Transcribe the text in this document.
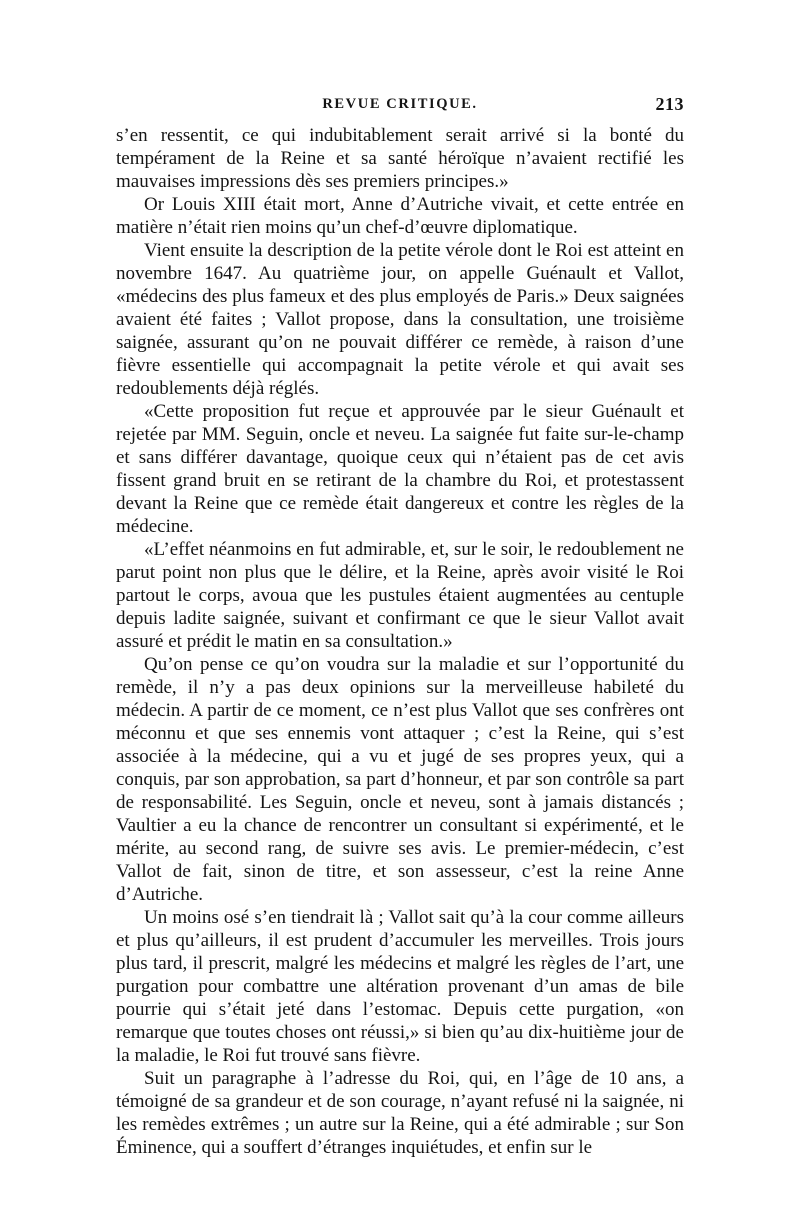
REVUE CRITIQUE.	213

s’en ressentit, ce qui indubitablement serait arrivé si la bonté du tempérament de la Reine et sa santé héroïque n’avaient rectifié les mauvaises impressions dès ses premiers principes.»

Or Louis XIII était mort, Anne d’Autriche vivait, et cette entrée en matière n’était rien moins qu’un chef-d’œuvre diplomatique.

Vient ensuite la description de la petite vérole dont le Roi est atteint en novembre 1647. Au quatrième jour, on appelle Guénault et Vallot, «médecins des plus fameux et des plus employés de Paris.» Deux saignées avaient été faites ; Vallot propose, dans la consultation, une troisième saignée, assurant qu’on ne pouvait différer ce remède, à raison d’une fièvre essentielle qui accompagnait la petite vérole et qui avait ses redoublements déjà réglés.

«Cette proposition fut reçue et approuvée par le sieur Guénault et rejetée par MM. Seguin, oncle et neveu. La saignée fut faite sur-le-champ et sans différer davantage, quoique ceux qui n’étaient pas de cet avis fissent grand bruit en se retirant de la chambre du Roi, et protestassent devant la Reine que ce remède était dangereux et contre les règles de la médecine.

«L’effet néanmoins en fut admirable, et, sur le soir, le redoublement ne parut point non plus que le délire, et la Reine, après avoir visité le Roi partout le corps, avoua que les pustules étaient augmentées au centuple depuis ladite saignée, suivant et confirmant ce que le sieur Vallot avait assuré et prédit le matin en sa consultation.»

Qu’on pense ce qu’on voudra sur la maladie et sur l’opportunité du remède, il n’y a pas deux opinions sur la merveilleuse habileté du médecin. A partir de ce moment, ce n’est plus Vallot que ses confrères ont méconnu et que ses ennemis vont attaquer ; c’est la Reine, qui s’est associée à la médecine, qui a vu et jugé de ses propres yeux, qui a conquis, par son approbation, sa part d’honneur, et par son contrôle sa part de responsabilité. Les Seguin, oncle et neveu, sont à jamais distancés ; Vaultier a eu la chance de rencontrer un consultant si expérimenté, et le mérite, au second rang, de suivre ses avis. Le premier-médecin, c’est Vallot de fait, sinon de titre, et son assesseur, c’est la reine Anne d’Autriche.

Un moins osé s’en tiendrait là ; Vallot sait qu’à la cour comme ailleurs et plus qu’ailleurs, il est prudent d’accumuler les merveilles. Trois jours plus tard, il prescrit, malgré les médecins et malgré les règles de l’art, une purgation pour combattre une altération provenant d’un amas de bile pourrie qui s’était jeté dans l’estomac. Depuis cette purgation, «on remarque que toutes choses ont réussi,» si bien qu’au dix-huitième jour de la maladie, le Roi fut trouvé sans fièvre.

Suit un paragraphe à l’adresse du Roi, qui, en l’âge de 10 ans, a témoigné de sa grandeur et de son courage, n’ayant refusé ni la saignée, ni les remèdes extrêmes ; un autre sur la Reine, qui a été admirable ; sur Son Éminence, qui a souffert d’étranges inquiétudes, et enfin sur le
